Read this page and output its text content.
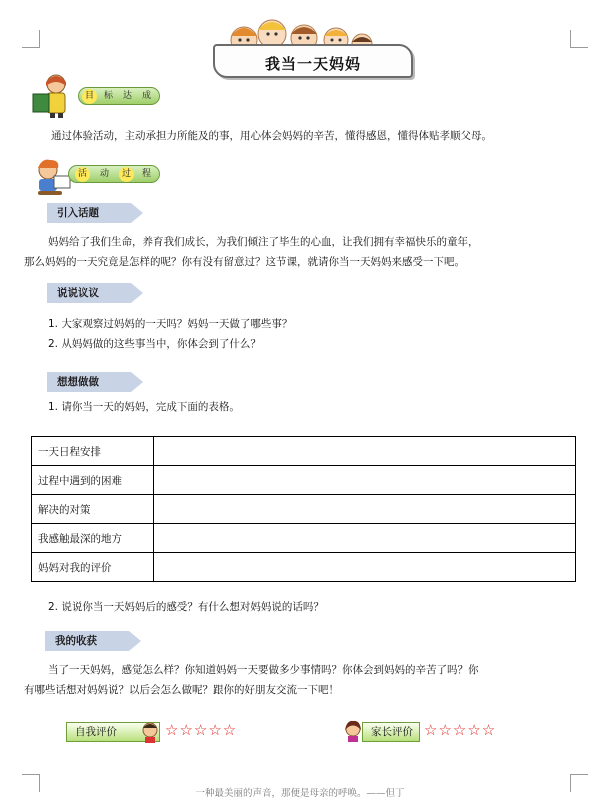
我当一天妈妈
目	标	达	成
通过体验活动，主动承担力所能及的事，用心体会妈妈的辛苦，懂得感恩，懂得体贴孝顺父母。
活	动	过	程
引入话题
妈妈给了我们生命，养育我们成长，为我们倾注了毕生的心血，让我们拥有幸福快乐的童年，
那么妈妈的一天究竟是怎样的呢？你有没有留意过？这节课，就请你当一天妈妈来感受一下吧。
说说议议
1. 大家观察过妈妈的一天吗？妈妈一天做了哪些事？
2. 从妈妈做的这些事当中，你体会到了什么？
想想做做
1. 请你当一天的妈妈，完成下面的表格。
一天日程安排	
过程中遇到的困难	
解决的对策	
我感触最深的地方	
妈妈对我的评价	
2. 说说你当一天妈妈后的感受？有什么想对妈妈说的话吗？
我的收获
当了一天妈妈，感觉怎么样？你知道妈妈一天要做多少事情吗？你体会到妈妈的辛苦了吗？你
有哪些话想对妈妈说？以后会怎么做呢？跟你的好朋友交流一下吧！
自我评价	☆☆☆☆☆	家长评价 ☆☆☆☆☆
一种最美丽的声音，那便是母亲的呼唤。——但丁
